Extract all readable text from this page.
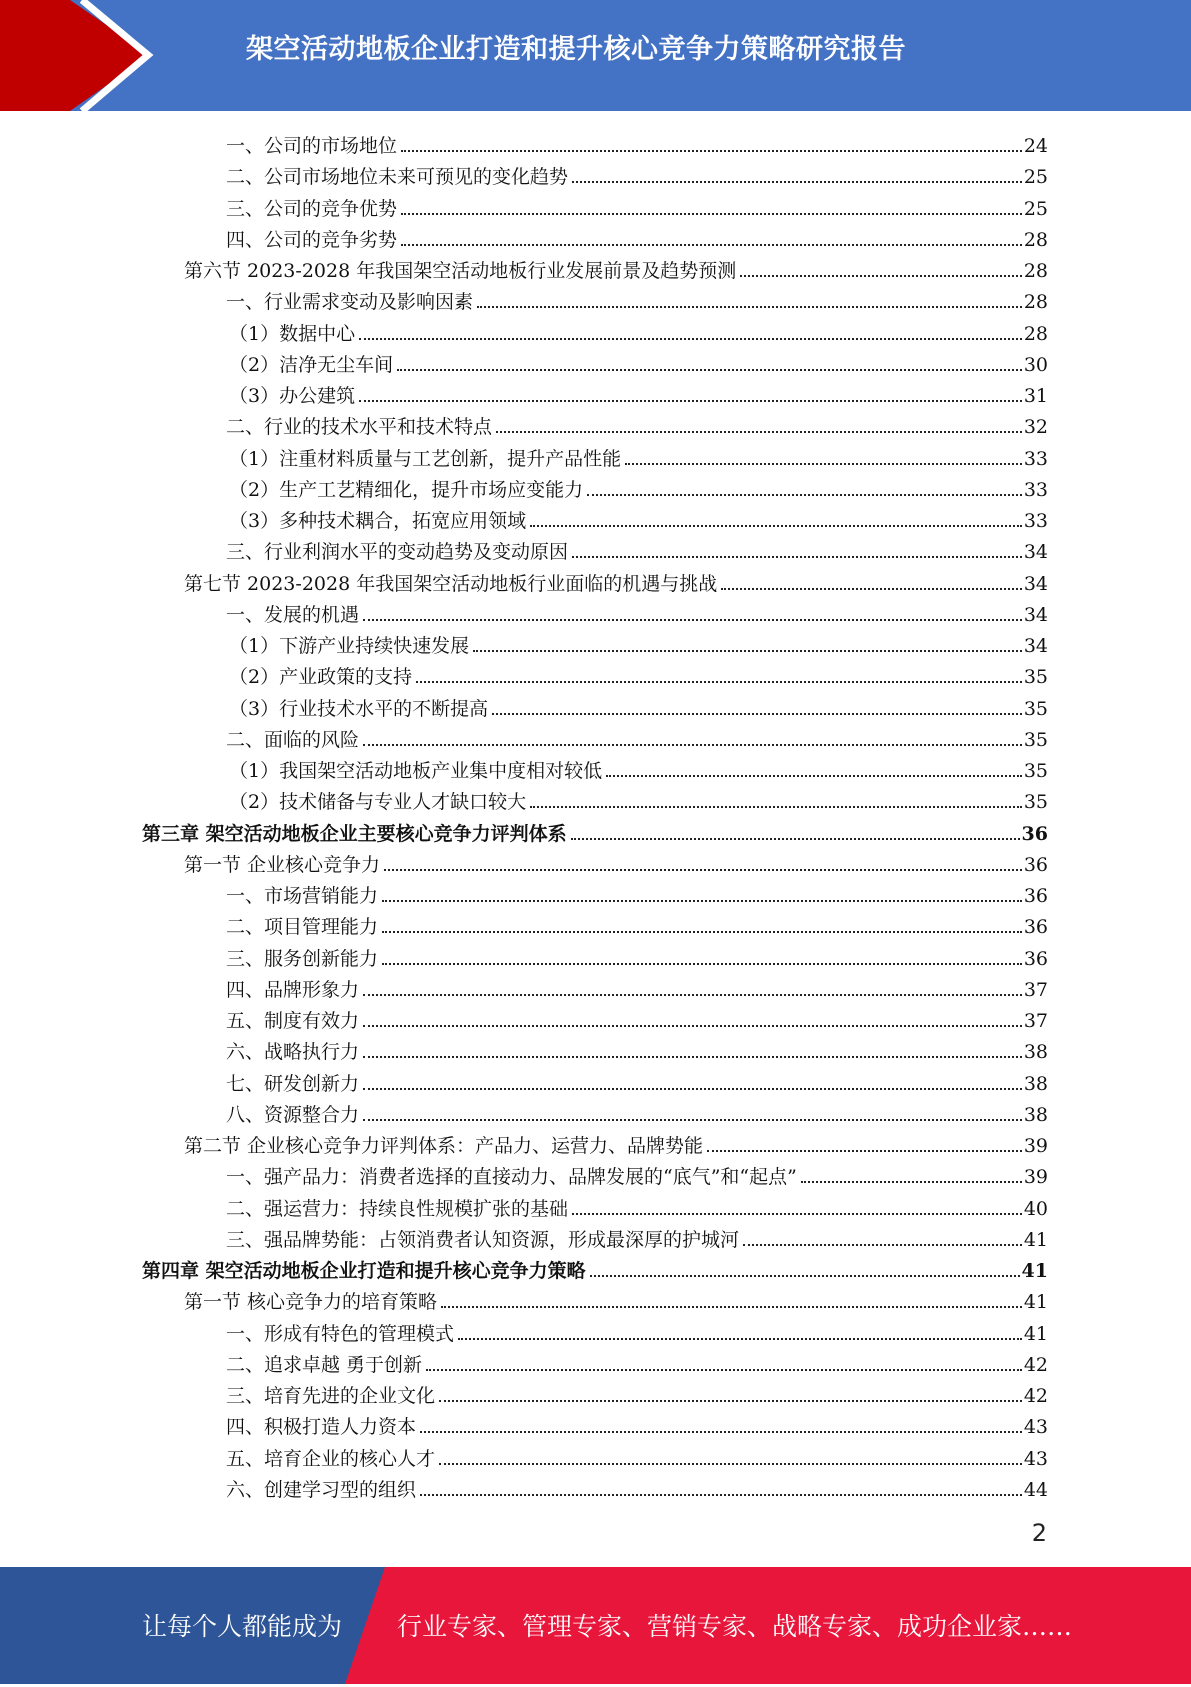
架空活动地板企业打造和提升核心竞争力策略研究报告
一、公司的市场地位	24
二、公司市场地位未来可预见的变化趋势	25
三、公司的竞争优势	25
四、公司的竞争劣势	28
第六节 2023-2028 年我国架空活动地板行业发展前景及趋势预测	28
一、行业需求变动及影响因素	28
（1）数据中心	28
（2）洁净无尘车间	30
（3）办公建筑	31
二、行业的技术水平和技术特点	32
（1）注重材料质量与工艺创新，提升产品性能	33
（2）生产工艺精细化，提升市场应变能力	33
（3）多种技术耦合，拓宽应用领域	33
三、行业利润水平的变动趋势及变动原因	34
第七节 2023-2028 年我国架空活动地板行业面临的机遇与挑战	34
一、发展的机遇	34
（1）下游产业持续快速发展	34
（2）产业政策的支持	35
（3）行业技术水平的不断提高	35
二、面临的风险	35
（1）我国架空活动地板产业集中度相对较低	35
（2）技术储备与专业人才缺口较大	35
第三章 架空活动地板企业主要核心竞争力评判体系	36
第一节 企业核心竞争力	36
一、市场营销能力	36
二、项目管理能力	36
三、服务创新能力	36
四、品牌形象力	37
五、制度有效力	37
六、战略执行力	38
七、研发创新力	38
八、资源整合力	38
第二节 企业核心竞争力评判体系：产品力、运营力、品牌势能	39
一、强产品力：消费者选择的直接动力、品牌发展的“底气”和“起点”	39
二、强运营力：持续良性规模扩张的基础	40
三、强品牌势能：占领消费者认知资源，形成最深厚的护城河	41
第四章 架空活动地板企业打造和提升核心竞争力策略	41
第一节 核心竞争力的培育策略	41
一、形成有特色的管理模式	41
二、追求卓越 勇于创新	42
三、培育先进的企业文化	42
四、积极打造人力资本	43
五、培育企业的核心人才	43
六、创建学习型的组织	44
2
让每个人都能成为 行业专家、管理专家、营销专家、战略专家、成功企业家……
